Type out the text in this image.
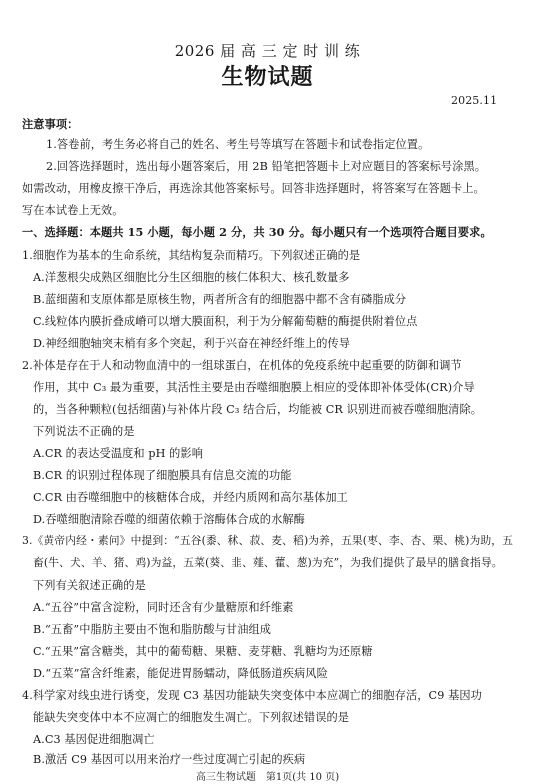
2026 届 高 三 定 时 训 练
生物试题
2025.11
注意事项：
1.答卷前，考生务必将自己的姓名、考生号等填写在答题卡和试卷指定位置。
2.回答选择题时，选出每小题答案后，用 2B 铅笔把答题卡上对应题目的答案标号涂黑。
如需改动，用橡皮擦干净后，再选涂其他答案标号。回答非选择题时，将答案写在答题卡上。
写在本试卷上无效。
一、选择题：本题共 15 小题，每小题 2 分，共 30 分。每小题只有一个选项符合题目要求。
1.细胞作为基本的生命系统，其结构复杂而精巧。下列叙述正确的是
A.洋葱根尖成熟区细胞比分生区细胞的核仁体积大、核孔数量多
B.蓝细菌和支原体都是原核生物，两者所含有的细胞器中都不含有磷脂成分
C.线粒体内膜折叠成嵴可以增大膜面积，利于为分解葡萄糖的酶提供附着位点
D.神经细胞轴突末梢有多个突起，利于兴奋在神经纤维上的传导
2.补体是存在于人和动物血清中的一组球蛋白，在机体的免疫系统中起重要的防御和调节
作用，其中 C₃ 最为重要，其活性主要是由吞噬细胞膜上相应的受体即补体受体(CR)介导
的，当各种颗粒(包括细菌)与补体片段 C₃ 结合后，均能被 CR 识别进而被吞噬细胞清除。
下列说法不正确的是
A.CR 的表达受温度和 pH 的影响
B.CR 的识别过程体现了细胞膜具有信息交流的功能
C.CR 由吞噬细胞中的核糖体合成，并经内质网和高尔基体加工
D.吞噬细胞清除吞噬的细菌依赖于溶酶体合成的水解酶
3.《黄帝内经・素问》中提到：“五谷(黍、秫、菽、麦、稻)为养，五果(枣、李、杏、栗、桃)为助，五
畜(牛、犬、羊、猪、鸡)为益，五菜(葵、韭、薤、藿、葱)为充”，为我们提供了最早的膳食指导。
下列有关叙述正确的是
A.“五谷”中富含淀粉，同时还含有少量糖原和纤维素
B.“五畜”中脂肪主要由不饱和脂肪酸与甘油组成
C.“五果”富含糖类，其中的葡萄糖、果糖、麦芽糖、乳糖均为还原糖
D.“五菜”富含纤维素，能促进胃肠蠕动，降低肠道疾病风险
4.科学家对线虫进行诱变，发现 C3 基因功能缺失突变体中本应凋亡的细胞存活，C9 基因功
能缺失突变体中本不应凋亡的细胞发生凋亡。下列叙述错误的是
A.C3 基因促进细胞凋亡
B.激活 C9 基因可以用来治疗一些过度凋亡引起的疾病
高三生物试题　第1页(共 10 页)
